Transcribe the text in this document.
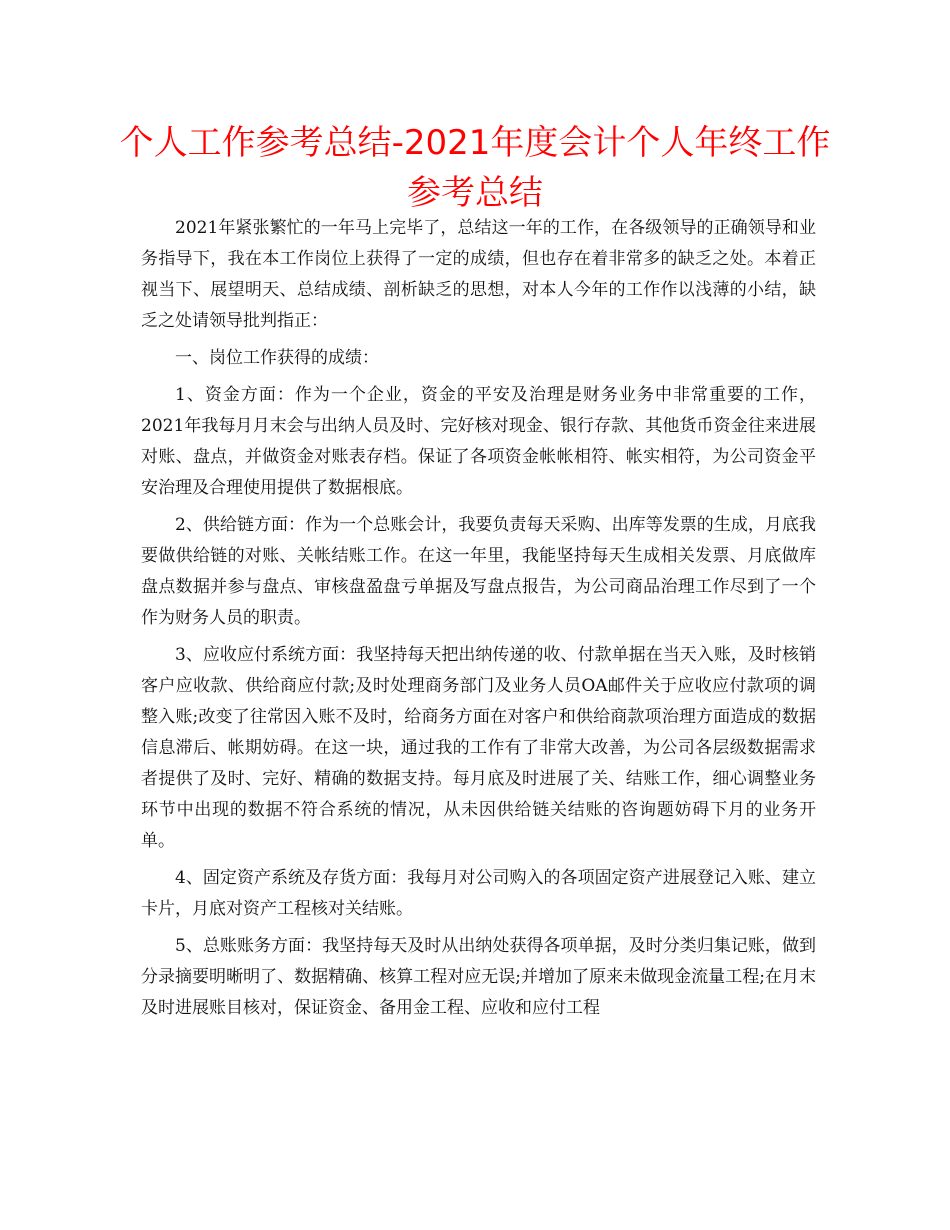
个人工作参考总结-2021年度会计个人年终工作参考总结

2021年紧张繁忙的一年马上完毕了，总结这一年的工作，在各级领导的正确领导和业务指导下，我在本工作岗位上获得了一定的成绩，但也存在着非常多的缺乏之处。本着正视当下、展望明天、总结成绩、剖析缺乏的思想，对本人今年的工作作以浅薄的小结，缺乏之处请领导批判指正：

一、岗位工作获得的成绩：

1、资金方面：作为一个企业，资金的平安及治理是财务业务中非常重要的工作，2021年我每月月末会与出纳人员及时、完好核对现金、银行存款、其他货币资金往来进展对账、盘点，并做资金对账表存档。保证了各项资金帐帐相符、帐实相符，为公司资金平安治理及合理使用提供了数据根底。

2、供给链方面：作为一个总账会计，我要负责每天采购、出库等发票的生成，月底我要做供给链的对账、关帐结账工作。在这一年里，我能坚持每天生成相关发票、月底做库盘点数据并参与盘点、审核盘盈盘亏单据及写盘点报告，为公司商品治理工作尽到了一个作为财务人员的职责。

3、应收应付系统方面：我坚持每天把出纳传递的收、付款单据在当天入账，及时核销客户应收款、供给商应付款;及时处理商务部门及业务人员OA邮件关于应收应付款项的调整入账;改变了往常因入账不及时，给商务方面在对客户和供给商款项治理方面造成的数据信息滞后、帐期妨碍。在这一块，通过我的工作有了非常大改善，为公司各层级数据需求者提供了及时、完好、精确的数据支持。每月底及时进展了关、结账工作，细心调整业务环节中出现的数据不符合系统的情况，从未因供给链关结账的咨询题妨碍下月的业务开单。

4、固定资产系统及存货方面：我每月对公司购入的各项固定资产进展登记入账、建立卡片，月底对资产工程核对关结账。

5、总账账务方面：我坚持每天及时从出纳处获得各项单据，及时分类归集记账，做到分录摘要明晰明了、数据精确、核算工程对应无误;并增加了原来未做现金流量工程;在月末及时进展账目核对，保证资金、备用金工程、应收和应付工程
